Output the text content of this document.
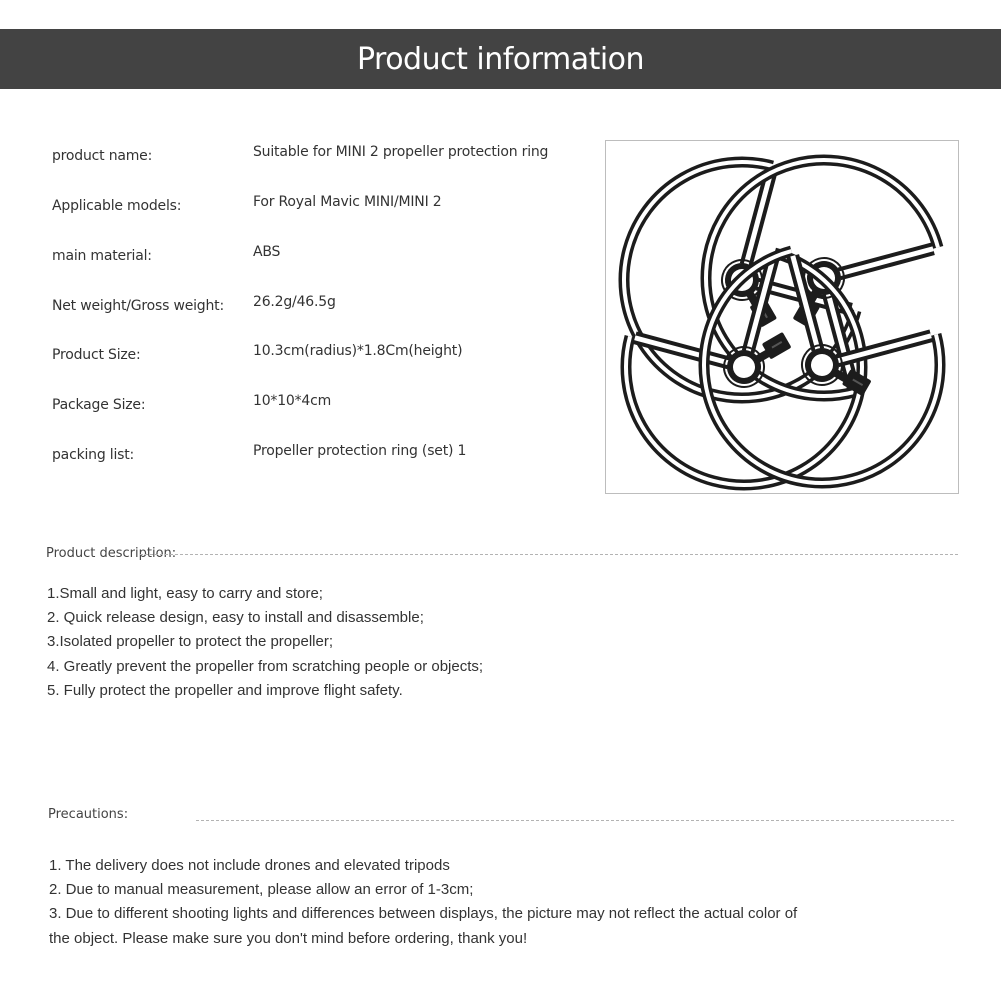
Product information
product name:	Suitable for MINI 2 propeller protection ring
Applicable models:	For Royal Mavic MINI/MINI 2
main material:	ABS
Net weight/Gross weight: 26.2g/46.5g
Product Size:	10.3cm(radius)*1.8Cm(height)
Package Size:	10*10*4cm
packing list:	Propeller protection ring (set) 1
Product description:
1.Small and light, easy to carry and store;
2. Quick release design, easy to install and disassemble;
3.Isolated propeller to protect the propeller;
4. Greatly prevent the propeller from scratching people or objects;
5. Fully protect the propeller and improve flight safety.
Precautions:
1. The delivery does not include drones and elevated tripods
2. Due to manual measurement, please allow an error of 1-3cm;
3. Due to different shooting lights and differences between displays, the picture may not reflect the actual color of
the object. Please make sure you don't mind before ordering, thank you!
